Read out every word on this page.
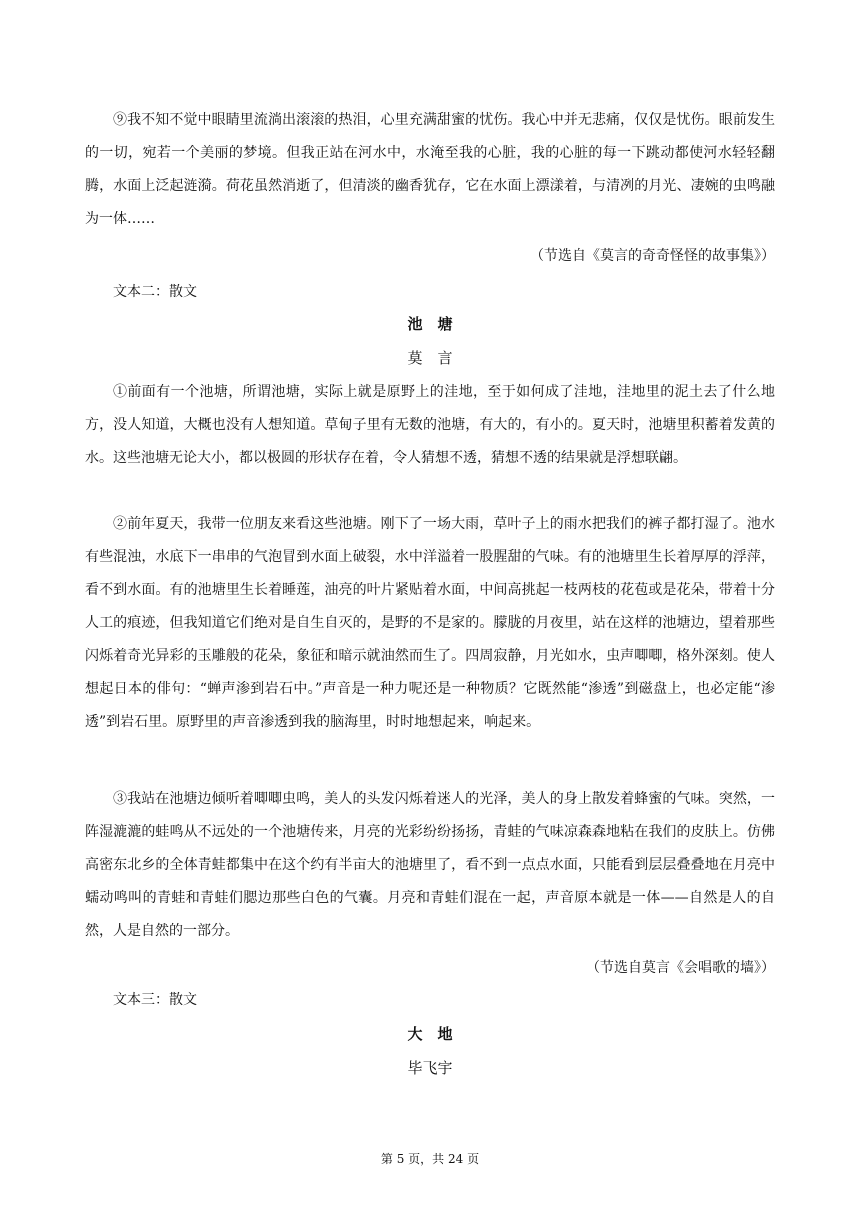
⑨我不知不觉中眼睛里流淌出滚滚的热泪，心里充满甜蜜的忧伤。我心中并无悲痛，仅仅是忧伤。眼前发生的一切，宛若一个美丽的梦境。但我正站在河水中，水淹至我的心脏，我的心脏的每一下跳动都使河水轻轻翻腾，水面上泛起涟漪。荷花虽然消逝了，但清淡的幽香犹存，它在水面上漂漾着，与清冽的月光、凄婉的虫鸣融为一体……

（节选自《莫言的奇奇怪怪的故事集》）
文本二：散文
池　塘
莫　言

①前面有一个池塘，所谓池塘，实际上就是原野上的洼地，至于如何成了洼地，洼地里的泥土去了什么地方，没人知道，大概也没有人想知道。草甸子里有无数的池塘，有大的，有小的。夏天时，池塘里积蓄着发黄的水。这些池塘无论大小，都以极圆的形状存在着，令人猜想不透，猜想不透的结果就是浮想联翩。

②前年夏天，我带一位朋友来看这些池塘。刚下了一场大雨，草叶子上的雨水把我们的裤子都打湿了。池水有些混浊，水底下一串串的气泡冒到水面上破裂，水中洋溢着一股腥甜的气味。有的池塘里生长着厚厚的浮萍，看不到水面。有的池塘里生长着睡莲，油亮的叶片紧贴着水面，中间高挑起一枝两枝的花苞或是花朵，带着十分人工的痕迹，但我知道它们绝对是自生自灭的，是野的不是家的。朦胧的月夜里，站在这样的池塘边，望着那些闪烁着奇光异彩的玉雕般的花朵，象征和暗示就油然而生了。四周寂静，月光如水，虫声唧唧，格外深刻。使人想起日本的俳句：“蝉声渗到岩石中。”声音是一种力呢还是一种物质？它既然能“渗透”到磁盘上，也必定能“渗透”到岩石里。原野里的声音渗透到我的脑海里，时时地想起来，响起来。

③我站在池塘边倾听着唧唧虫鸣，美人的头发闪烁着迷人的光泽，美人的身上散发着蜂蜜的气味。突然，一阵湿漉漉的蛙鸣从不远处的一个池塘传来，月亮的光彩纷纷扬扬，青蛙的气味凉森森地粘在我们的皮肤上。仿佛高密东北乡的全体青蛙都集中在这个约有半亩大的池塘里了，看不到一点点水面，只能看到层层叠叠地在月亮中蠕动鸣叫的青蛙和青蛙们腮边那些白色的气囊。月亮和青蛙们混在一起，声音原本就是一体——自然是人的自然，人是自然的一部分。

（节选自莫言《会唱歌的墙》）
文本三：散文
大　地
毕飞宇
第 5 页，共 24 页
